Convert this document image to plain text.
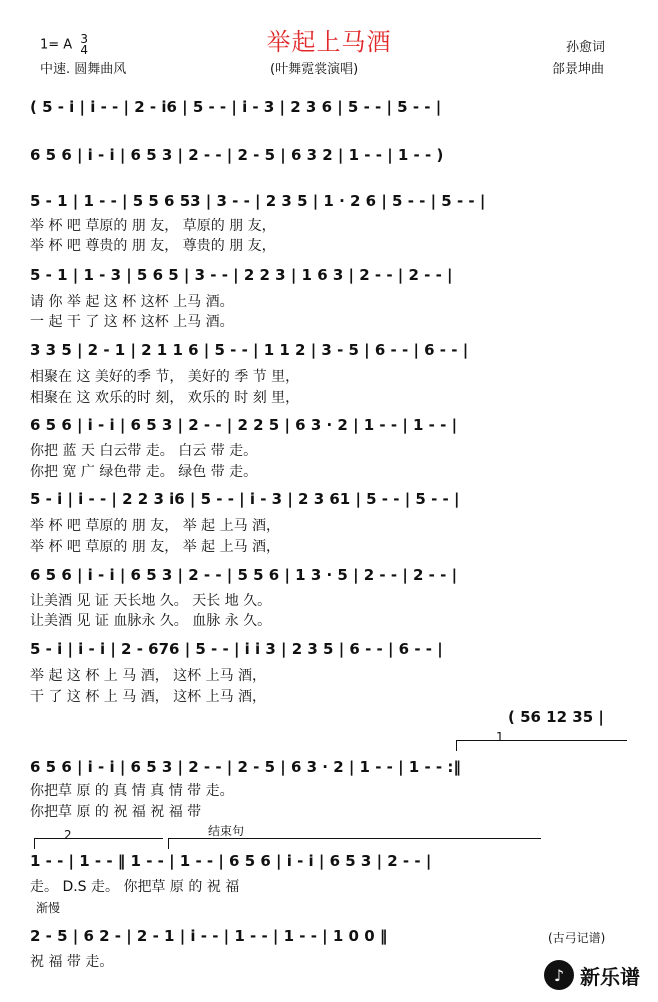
举起上马酒
1= A 3
4
中速. 圆舞曲风	(叶舞霓裳演唱)
孙愈词
郃景坤曲
( 5 - i | i - - | 2 - i6 | 5 - - | i - 3 | 2 3 6 | 5 - - | 5 - - |
6 5 6 | i - i | 6 5 3 | 2 - - | 2 - 5 | 6 3 2 | 1 - - | 1 - - )
5 - 1 | 1 - - | 5 5 6 53 | 3 - - | 2 3 5 | 1 · 2 6 | 5 - - | 5 - - |
举 杯 吧 草原的 朋 友， 草原的 朋 友，
举 杯 吧 尊贵的 朋 友， 尊贵的 朋 友，
5 - 1 | 1 - 3 | 5 6 5 | 3 - - | 2 2 3 | 1 6 3 | 2 - - | 2 - - |
请 你 举 起 这 杯 这杯 上马 酒。
一 起 干 了 这 杯 这杯 上马 酒。
3 3 5 | 2 - 1 | 2 1 1 6 | 5 - - | 1 1 2 | 3 - 5 | 6 - - | 6 - - |
相聚在 这 美好的季 节， 美好的 季 节 里，
相聚在 这 欢乐的时 刻， 欢乐的 时 刻 里，
6 5 6 | i - i | 6 5 3 | 2 - - | 2 2 5 | 6 3 · 2 | 1 - - | 1 - - |
你把 蓝 天 白云带 走。 白云 带 走。
你把 宽 广 绿色带 走。 绿色 带 走。
5 - i | i - - | 2 2 3 i6 | 5 - - | i - 3 | 2 3 61 | 5 - - | 5 - - |
举 杯 吧 草原的 朋 友， 举 起 上马 酒，
举 杯 吧 草原的 朋 友， 举 起 上马 酒，
6 5 6 | i - i | 6 5 3 | 2 - - | 5 5 6 | 1 3 · 5 | 2 - - | 2 - - |
让美酒 见 证 天长地 久。 天长 地 久。
让美酒 见 证 血脉永 久。 血脉 永 久。
5 - i | i - i | 2 - 676 | 5 - - | i i 3 | 2 3 5 | 6 - - | 6 - - |
举 起 这 杯 上 马 酒， 这杯 上马 酒，
干 了 这 杯 上 马 酒， 这杯 上马 酒，
( 56 12 35 |
1
6 5 6 | i - i | 6 5 3 | 2 - - | 2 - 5 | 6 3 · 2 | 1 - - | 1 - - :‖
你把草 原 的 真 情 真 情 带 走。
你把草 原 的 祝 福 祝 福 带
结束句
2
1 - - | 1 - - ‖ 1 - - | 1 - - | 6 5 6 | i - i | 6 5 3 | 2 - - |
走。 D.S 走。 你把草 原 的 祝 福
渐慢
2 - 5 | 6 2 - | 2 - 1 | i - - | 1 - - | 1 - - | 1 0 0 ‖
祝 福 带 走。
(古弓记谱)
♪ 新乐谱
